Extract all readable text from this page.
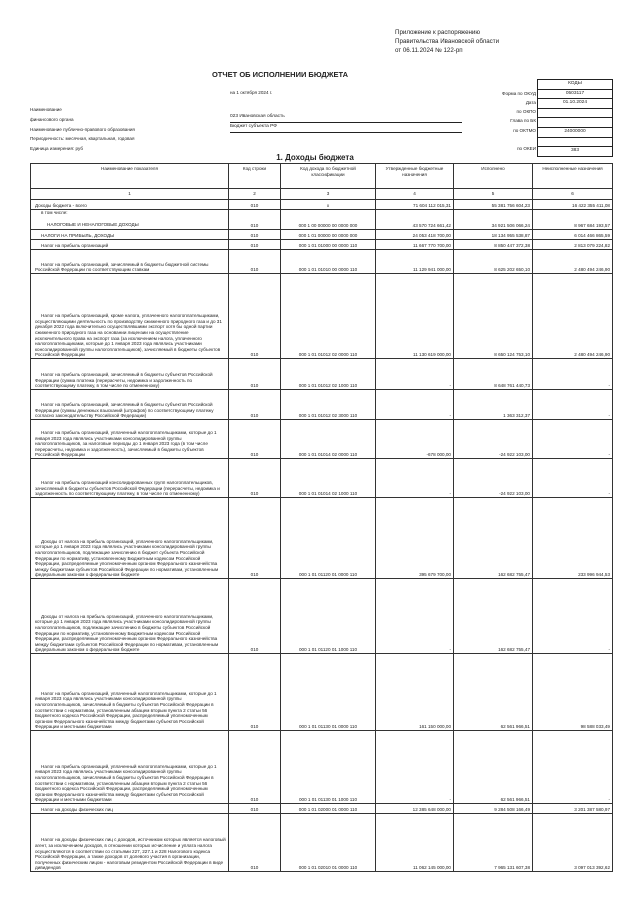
Приложение к распоряжению
Правительства Ивановской области
от 06.11.2024 № 122-рп
ОТЧЕТ ОБ ИСПОЛНЕНИИ БЮДЖЕТА
на 1 октября 2024 г.
Наименование
финансового органа
Наименование публично-правового образования
Периодичность: месячная, квартальная, годовая
Единица измерения: руб
023 Ивановская область
Бюджет субъекта РФ
Форма по ОКУД
Дата
по ОКПО
Глава по БК
по ОКТМО
по ОКЕИ
КОДЫ
0503117
01.10.2024
24000000
383
1. Доходы бюджета
Наименование показателя	Код строки	Код дохода по бюджетной классификации	Утвержденные бюджетные назначения	Исполнено	Неисполненные назначения
1	2	3	4	5	6
Доходы бюджета - всего	010	x	71 604 112 015,31	55 381 756 604,23	16 422 355 411,08

в том числе:
НАЛОГОВЫЕ И НЕНАЛОГОВЫЕ ДОХОДЫ	010	000 1 00 00000 00 0000 000	43 570 724 661,42	34 921 506 066,24	8 967 684 193,57
НАЛОГИ НА ПРИБЫЛЬ, ДОХОДЫ	010	000 1 01 00000 00 0000 000	24 053 418 700,00	18 134 955 538,87	6 014 466 865,59
Налог на прибыль организаций	010	000 1 01 01000 00 0000 110	11 667 770 700,00	8 850 447 372,38	2 813 079 224,82
Налог на прибыль организаций, зачисляемый в бюджеты бюджетной системы Российской Федерации по соответствующим ставкам	010	000 1 01 01010 00 0000 110	11 129 941 000,00	8 625 202 650,10	2 480 494 246,90
Налог на прибыль организаций, кроме налога, уплаченного налогоплательщиками, осуществляющими деятельность по производству сжиженного природного газа и до 31 декабря 2022 года включительно осуществлявшими экспорт хотя бы одной партии сжиженного природного газа на основании лицензии на осуществление исключительного права на экспорт газа (за исключением налога, уплаченного налогоплательщиками, которые до 1 января 2023 года являлись участниками консолидированной группы налогоплательщиков), зачисляемый в бюджеты субъектов Российской Федерации	010	000 1 01 01012 02 0000 110	11 130 619 000,00	8 650 124 753,10	2 480 494 246,90
Налог на прибыль организаций, зачисляемый в бюджеты субъектов Российской Федерации (сумма платежа (перерасчеты, недоимка и задолженность по соответствующему платежу, в том числе по отмененному)	010	000 1 01 01012 02 1000 110	-	8 648 761 440,73	-
Налог на прибыль организаций, зачисляемый в бюджеты субъектов Российской Федерации (суммы денежных взысканий (штрафов) по соответствующему платежу согласно законодательству Российской Федерации)	010	000 1 01 01012 02 3000 110	-	1 363 312,37	-
Налог на прибыль организаций, уплаченный налогоплательщиками, которые до 1 января 2023 года являлись участниками консолидированной группы налогоплательщиков, за налоговые периоды до 1 января 2023 года (в том числе перерасчеты, недоимка и задолженность), зачисляемый в бюджеты субъектов Российской Федерации	010	000 1 01 01014 02 0000 110	-678 000,00	-24 922 103,00	-
Налог на прибыль организаций консолидированных групп налогоплательщиков, зачисляемый в бюджеты субъектов Российской Федерации (перерасчеты, недоимка и задолженность по соответствующему платежу, в том числе по отмененному)	010	000 1 01 01014 02 1000 110	-	-24 922 103,00	-
Доходы от налога на прибыль организаций, уплаченного налогоплательщиками, которые до 1 января 2023 года являлись участниками консолидированной группы налогоплательщиков, подлежащие зачислению в бюджет субъекта Российской Федерации по нормативу, установленному Бюджетным кодексом Российской Федерации, распределяемые уполномоченным органом Федерального казначейства между бюджетами субъектов Российской Федерации по нормативам, установленным федеральным законом о федеральном бюджете	010	000 1 01 01120 01 0000 110	395 679 700,00	162 682 755,47	233 996 944,53
Доходы от налога на прибыль организаций, уплаченного налогоплательщиками, которые до 1 января 2023 года являлись участниками консолидированной группы налогоплательщиков, подлежащие зачислению в бюджеты субъектов Российской Федерации по нормативу, установленному Бюджетным кодексом Российской Федерации, распределяемые уполномоченным органом Федерального казначейства между бюджетами субъектов Российской Федерации по нормативам, установленным федеральным законом о федеральном бюджете	010	000 1 01 01120 01 1000 110	-	162 682 755,47	-
Налог на прибыль организаций, уплаченный налогоплательщиками, которые до 1 января 2023 года являлись участниками консолидированной группы налогоплательщиков, зачисляемый в бюджеты субъектов Российской Федерации в соответствии с нормативом, установленным абзацем вторым пункта 2 статьи 56 Бюджетного кодекса Российской Федерации, распределяемый уполномоченным органом Федерального казначейства между бюджетами субъектов Российской Федерации и местными бюджетами	010	000 1 01 01130 01 0000 110	161 150 000,00	62 561 966,51	98 588 033,49
Налог на прибыль организаций, уплаченный налогоплательщиками, которые до 1 января 2023 года являлись участниками консолидированной группы налогоплательщиков, зачисляемый в бюджеты субъектов Российской Федерации в соответствии с нормативом, установленным абзацем вторым пункта 2 статьи 56 Бюджетного кодекса Российской Федерации, распределяемый уполномоченным органом Федерального казначейства между бюджетами субъектов Российской Федерации и местными бюджетами	010	000 1 01 01130 01 1000 110	-	62 561 966,51	-
Налог на доходы физических лиц	010	000 1 01 02000 01 0000 110	12 385 648 000,00	9 284 508 166,49	3 201 387 580,97
Налог на доходы физических лиц с доходов, источником которых является налоговый агент, за исключением доходов, в отношении которых исчисление и уплата налога осуществляются в соответствии со статьями 227, 227.1 и 228 Налогового кодекса Российской Федерации, а также доходов от долевого участия в организации, полученных физическим лицом - налоговым резидентом Российской Федерации в виде дивидендов	010	000 1 01 02010 01 0000 110	11 062 145 000,00	7 965 131 607,38	3 097 013 392,62
